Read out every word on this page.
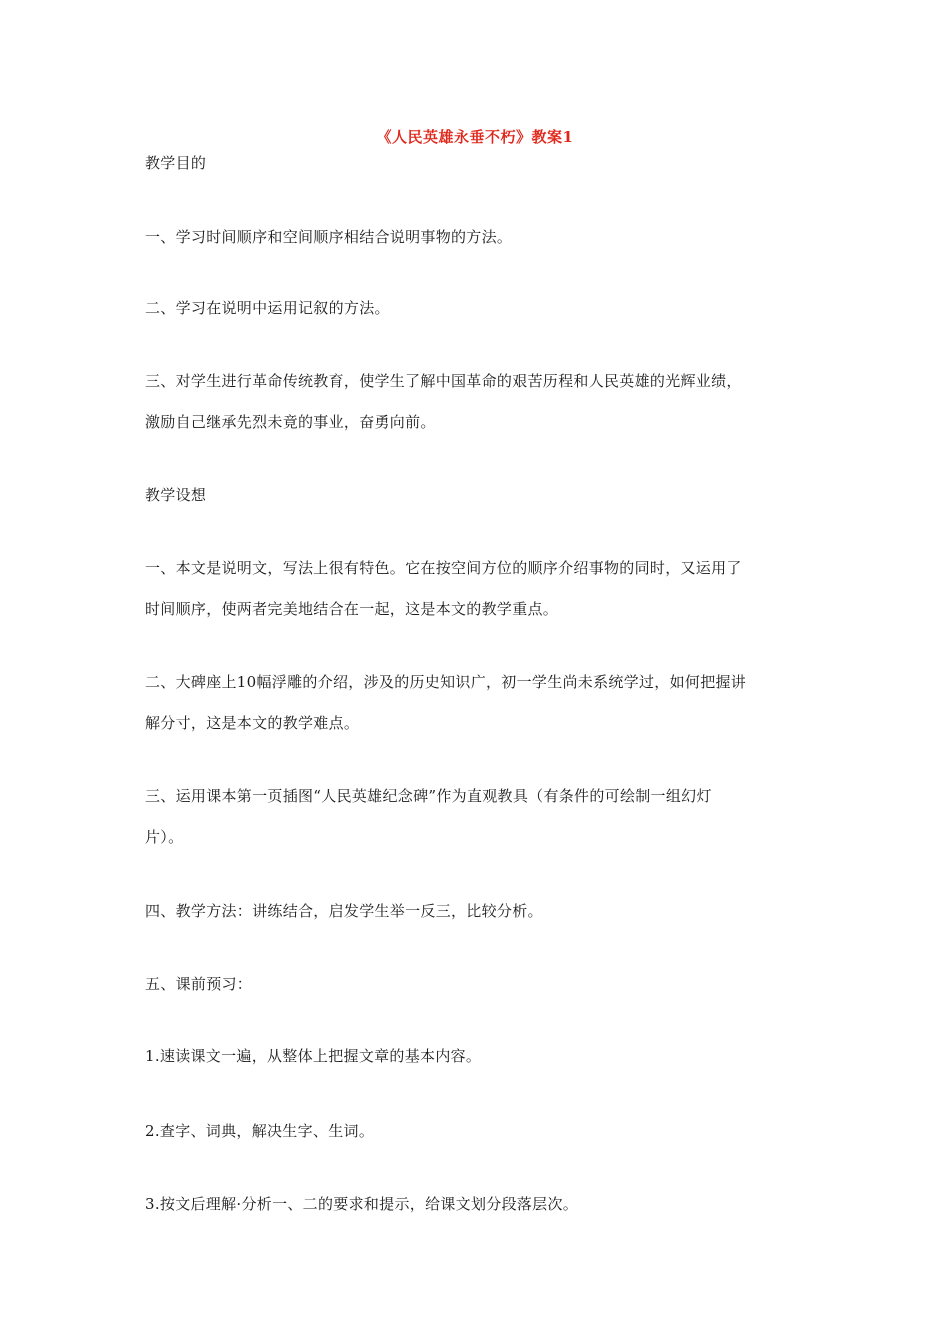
《人民英雄永垂不朽》教案1
教学目的
一、学习时间顺序和空间顺序相结合说明事物的方法。
二、学习在说明中运用记叙的方法。
三、对学生进行革命传统教育，使学生了解中国革命的艰苦历程和人民英雄的光辉业绩，
激励自己继承先烈未竟的事业，奋勇向前。
教学设想
一、本文是说明文，写法上很有特色。它在按空间方位的顺序介绍事物的同时，又运用了
时间顺序，使两者完美地结合在一起，这是本文的教学重点。
二、大碑座上10幅浮雕的介绍，涉及的历史知识广，初一学生尚未系统学过，如何把握讲
解分寸，这是本文的教学难点。
三、运用课本第一页插图“人民英雄纪念碑”作为直观教具（有条件的可绘制一组幻灯
片）。
四、教学方法：讲练结合，启发学生举一反三，比较分析。
五、课前预习：
1.速读课文一遍，从整体上把握文章的基本内容。
2.查字、词典，解决生字、生词。
3.按文后理解·分析一、二的要求和提示，给课文划分段落层次。
